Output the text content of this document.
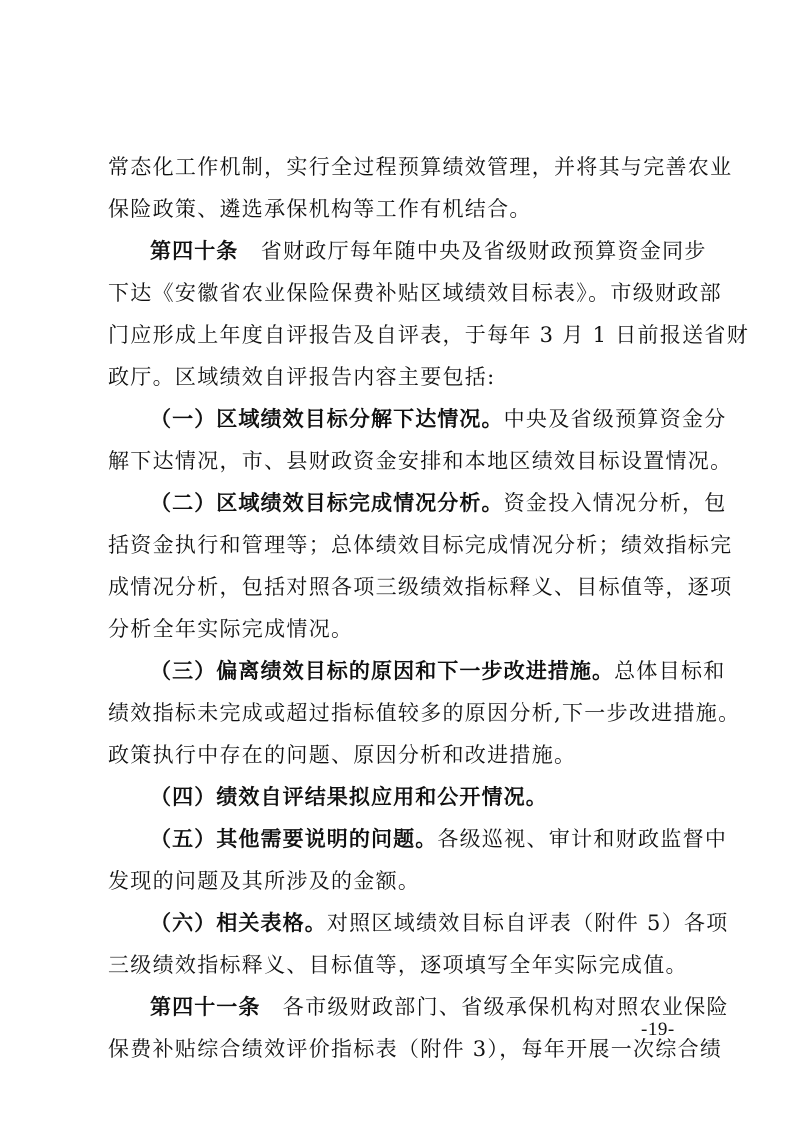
常态化工作机制，实行全过程预算绩效管理，并将其与完善农业
保险政策、遴选承保机构等工作有机结合。
第四十条　省财政厅每年随中央及省级财政预算资金同步
下达《安徽省农业保险保费补贴区域绩效目标表》。市级财政部
门应形成上年度自评报告及自评表，于每年 3 月 1 日前报送省财
政厅。区域绩效自评报告内容主要包括:
（一）区域绩效目标分解下达情况。中央及省级预算资金分
解下达情况，市、县财政资金安排和本地区绩效目标设置情况。
（二）区域绩效目标完成情况分析。资金投入情况分析，包
括资金执行和管理等；总体绩效目标完成情况分析；绩效指标完
成情况分析，包括对照各项三级绩效指标释义、目标值等，逐项
分析全年实际完成情况。
（三）偏离绩效目标的原因和下一步改进措施。总体目标和
绩效指标未完成或超过指标值较多的原因分析,下一步改进措施。
政策执行中存在的问题、原因分析和改进措施。
（四）绩效自评结果拟应用和公开情况。
（五）其他需要说明的问题。各级巡视、审计和财政监督中
发现的问题及其所涉及的金额。
（六）相关表格。对照区域绩效目标自评表（附件 5）各项
三级绩效指标释义、目标值等，逐项填写全年实际完成值。
第四十一条　各市级财政部门、省级承保机构对照农业保险
保费补贴综合绩效评价指标表（附件 3），每年开展一次综合绩
-19-
